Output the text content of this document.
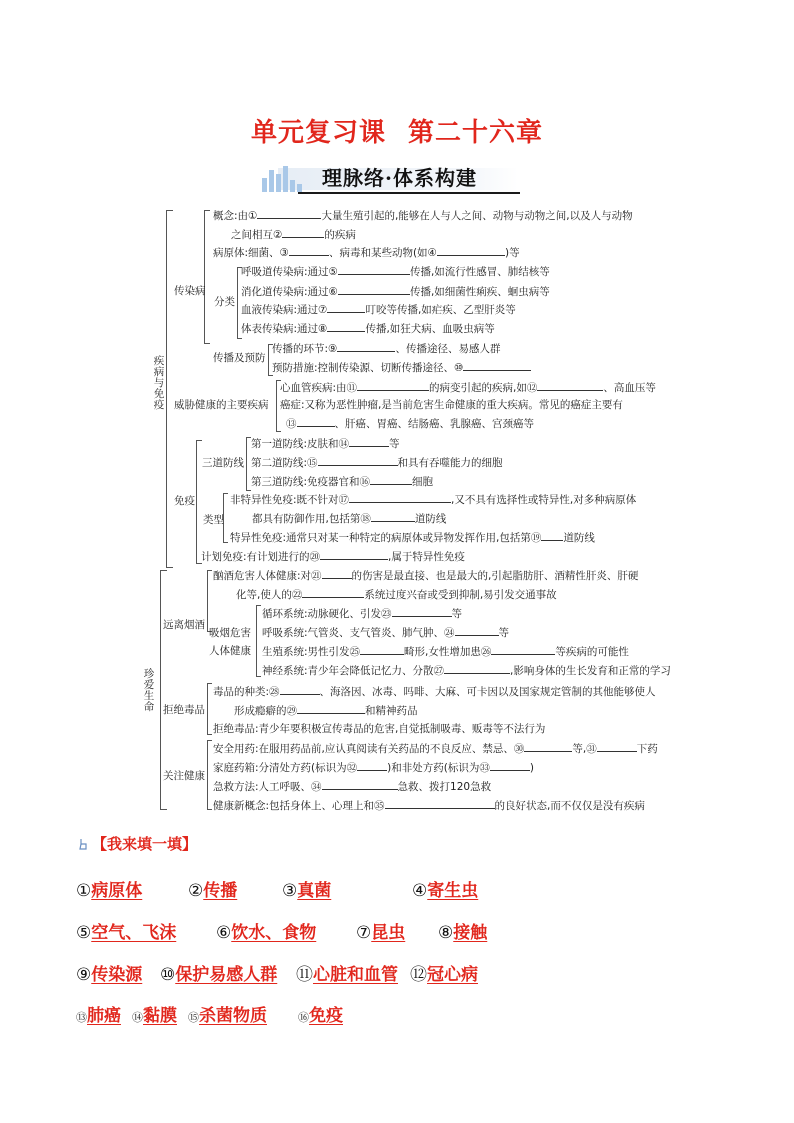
单元复习课 第二十六章
理脉络·体系构建
疾病与免疫
珍爱生命
传染病
概念:由①	大量生殖引起的,能够在人与人之间、动物与动物之间,以及人与动物
之间相互②	的疾病
病原体:细菌、③	、病毒和某些动物(如④	)等
分类
呼吸道传染病:通过⑤	传播,如流行性感冒、肺结核等
消化道传染病:通过⑥	传播,如细菌性痢疾、蛔虫病等
血液传染病:通过⑦	叮咬等传播,如疟疾、乙型肝炎等
体表传染病:通过⑧	传播,如狂犬病、血吸虫病等
传播及预防
传播的环节:⑨	、传播途径、易感人群
预防措施:控制传染源、切断传播途径、⑩
威胁健康的主要疾病
心血管疾病:由⑪	的病变引起的疾病,如⑫	、高血压等
癌症:又称为恶性肿瘤,是当前危害生命健康的重大疾病。常见的癌症主要有
⑬	、肝癌、胃癌、结肠癌、乳腺癌、宫颈癌等
免疫
三道防线
第一道防线:皮肤和⑭	等
第二道防线:⑮	和具有吞噬能力的细胞
第三道防线:免疫器官和⑯	细胞
类型
非特异性免疫:既不针对⑰	,又不具有选择性或特异性,对多种病原体
都具有防御作用,包括第⑱	道防线
特异性免疫:通常只对某一种特定的病原体或异物发挥作用,包括第⑲ 道防线
计划免疫:有计划进行的⑳	,属于特异性免疫
远离烟酒
酗酒危害人体健康:对㉑	的伤害是最直接、也是最大的,引起脂肪肝、酒精性肝炎、肝硬
化等,使人的㉒	系统过度兴奋或受到抑制,易引发交通事故
吸烟危害人体健康
循环系统:动脉硬化、引发㉓	等
呼吸系统:气管炎、支气管炎、肺气肿、㉔	等
生殖系统:男性引发㉕	畸形,女性增加患㉖	等疾病的可能性
神经系统:青少年会降低记忆力、分散㉗	,影响身体的生长发育和正常的学习
拒绝毒品
毒品的种类:㉘	、海洛因、冰毒、吗啡、大麻、可卡因以及国家规定管制的其他能够使人
形成瘾癖的㉙	和精神药品
拒绝毒品:青少年要积极宣传毒品的危害,自觉抵制吸毒、贩毒等不法行为
关注健康
安全用药:在服用药品前,应认真阅读有关药品的不良反应、禁忌、㉚	等,㉛	下药
家庭药箱:分清处方药(标识为㉜	)和非处方药(标识为㉝	)
急救方法:人工呼吸、㉞	急救、拨打120急救
健康新概念:包括身体上、心理上和㉟	的良好状态,而不仅仅是没有疾病
【我来填一填】
①病原体	②传播	③真菌	④寄生虫
⑤空气、飞沫 ⑥饮水、食物 ⑦昆虫 ⑧接触
⑨传染源 ⑩保护易感人群 ⑪心脏和血管 ⑫冠心病
⑬肺癌 ⑭黏膜 ⑮杀菌物质	⑯免疫
